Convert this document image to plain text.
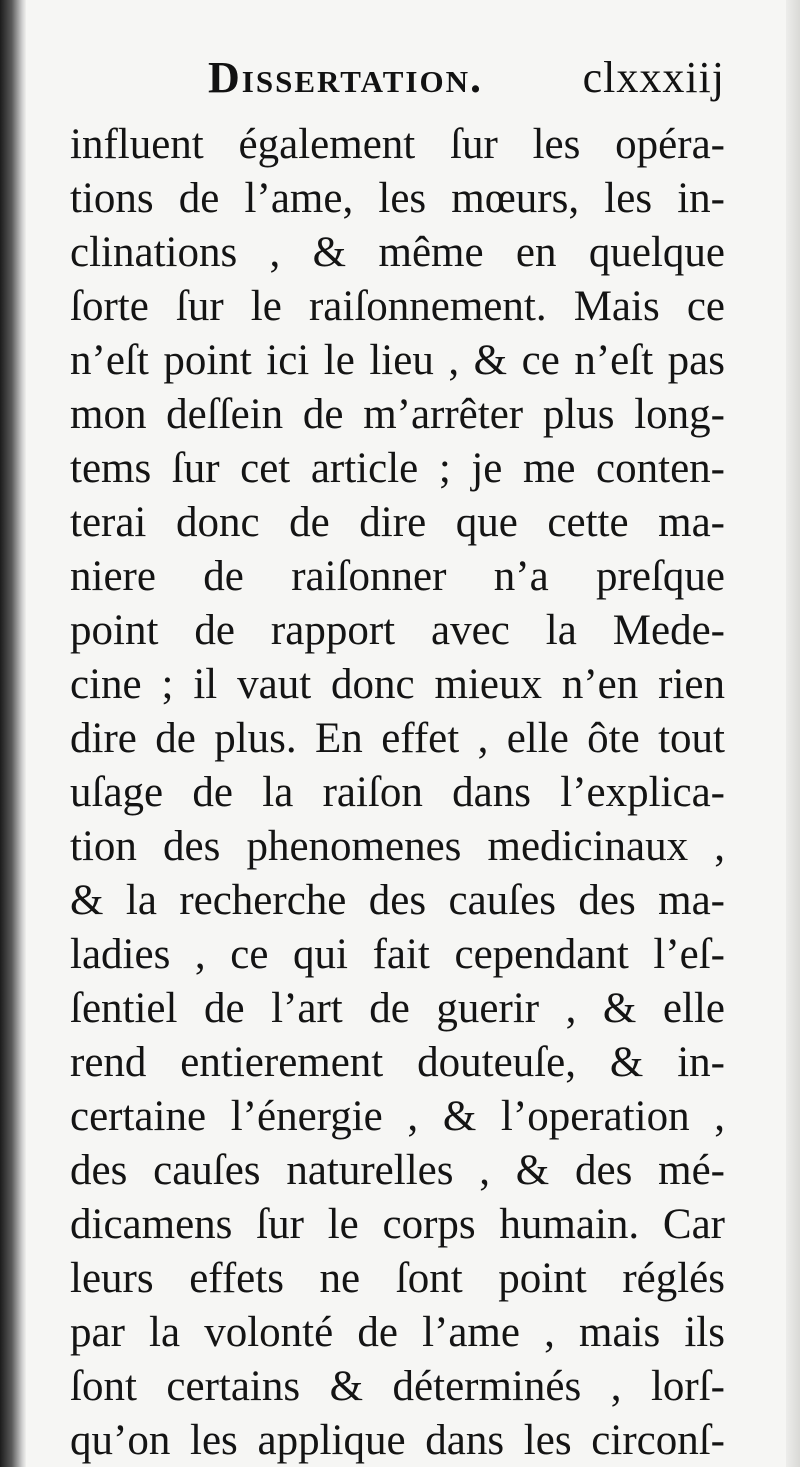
Dissertation. clxxxiij
influent également ſur les opéra-
tions de l’ame, les mœurs, les in-
clinations , & même en quelque
ſorte ſur le raiſonnement. Mais ce
n’eſt point ici le lieu , & ce n’eſt pas
mon deſſein de m’arrêter plus long-
tems ſur cet article ; je me conten-
terai donc de dire que cette ma-
niere de raiſonner n’a preſque
point de rapport avec la Mede-
cine ; il vaut donc mieux n’en rien
dire de plus. En effet , elle ôte tout
uſage de la raiſon dans l’explica-
tion des phenomenes medicinaux ,
& la recherche des cauſes des ma-
ladies , ce qui fait cependant l’eſ-
ſentiel de l’art de guerir , & elle
rend entierement douteuſe, & in-
certaine l’énergie , & l’operation ,
des cauſes naturelles , & des mé-
dicamens ſur le corps humain. Car
leurs effets ne ſont point réglés
par la volonté de l’ame , mais ils
ſont certains & déterminés , lorſ-
qu’on les applique dans les circonſ-
